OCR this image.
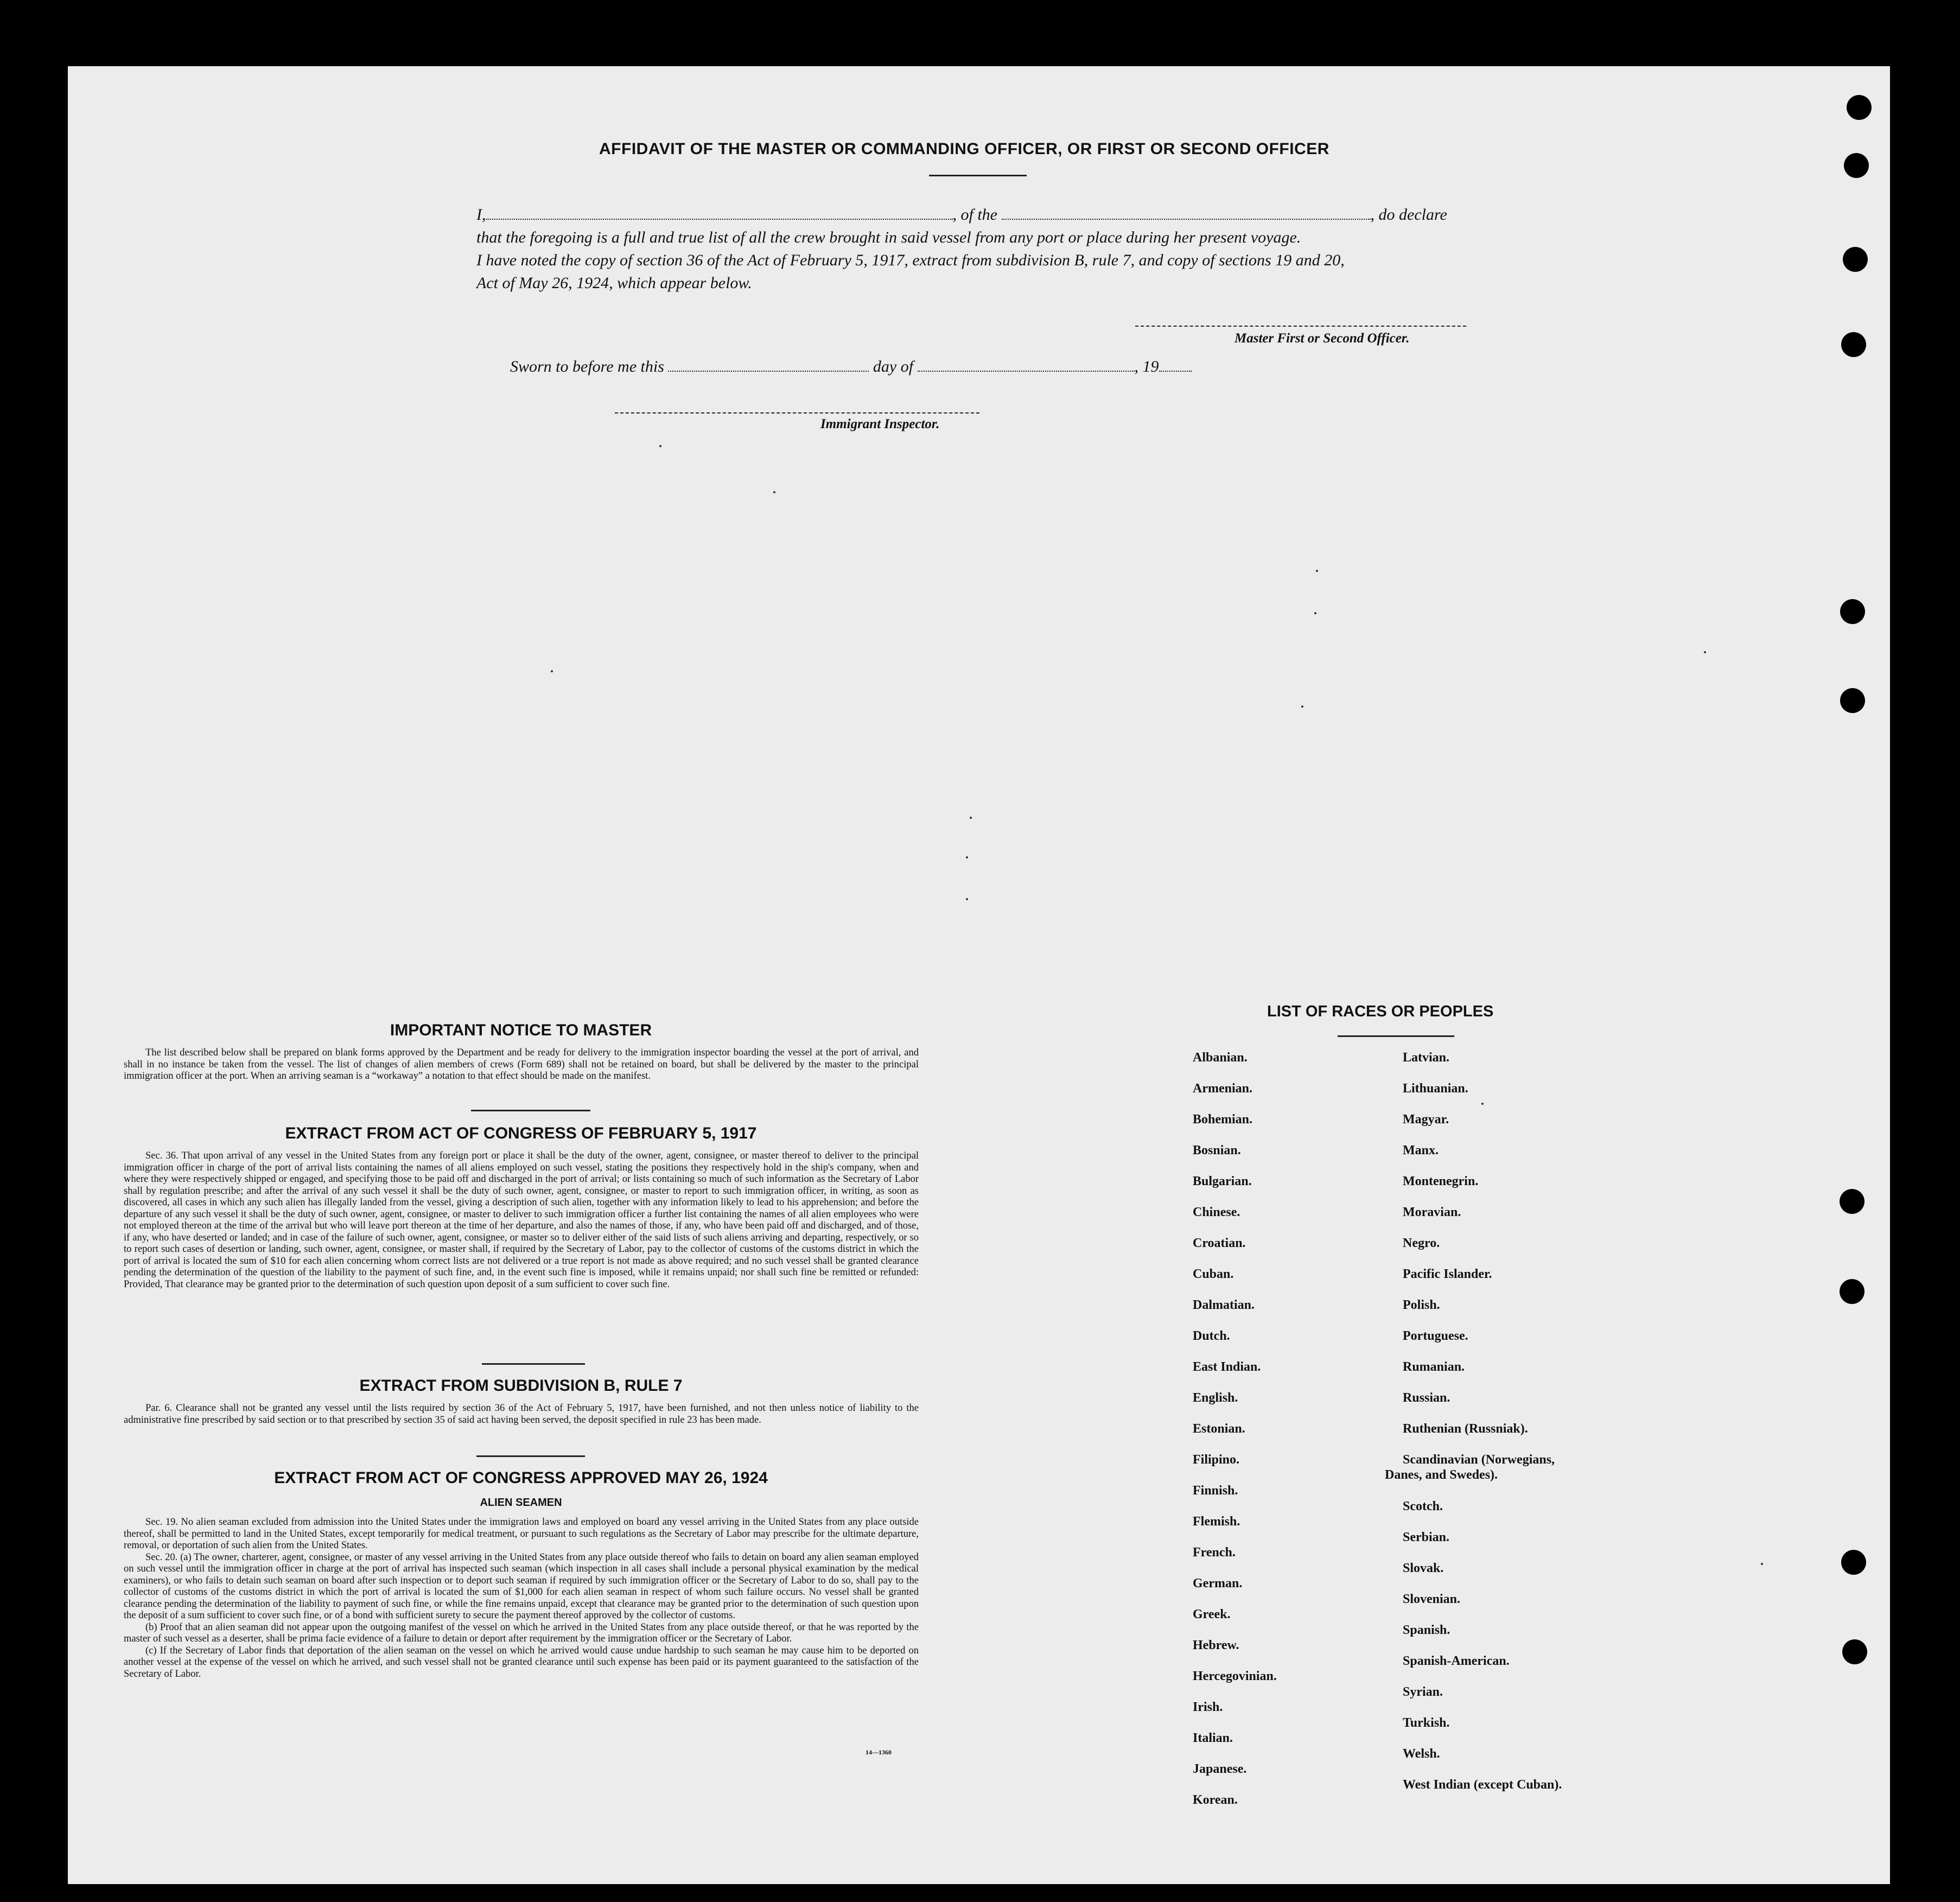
AFFIDAVIT OF THE MASTER OR COMMANDING OFFICER, OR FIRST OR SECOND OFFICER
I,	, of the	, do declare
that the foregoing is a full and true list of all the crew brought in said vessel from any port or place during her present voyage.
I have noted the copy of section 36 of the Act of February 5, 1917, extract from subdivision B, rule 7, and copy of sections 19 and 20,
Act of May 26, 1924, which appear below.
Master First or Second Officer.
Sworn to before me this	day of	, 19
Immigrant Inspector.
IMPORTANT NOTICE TO MASTER

The list described below shall be prepared on blank forms approved by the Department and be ready for delivery to the immigration inspector boarding the vessel at the port of arrival, and shall in no instance be taken from the vessel. The list of changes of alien members of crews (Form 689) shall not be retained on board, but shall be delivered by the master to the principal immigration officer at the port. When an arriving seaman is a “workaway” a notation to that effect should be made on the manifest.

EXTRACT FROM ACT OF CONGRESS OF FEBRUARY 5, 1917

Sec. 36. That upon arrival of any vessel in the United States from any foreign port or place it shall be the duty of the owner, agent, consignee, or master thereof to deliver to the principal immigration officer in charge of the port of arrival lists containing the names of all aliens employed on such vessel, stating the positions they respectively hold in the ship's company, when and where they were respectively shipped or engaged, and specifying those to be paid off and discharged in the port of arrival; or lists containing so much of such information as the Secretary of Labor shall by regulation prescribe; and after the arrival of any such vessel it shall be the duty of such owner, agent, consignee, or master to report to such immigration officer, in writing, as soon as discovered, all cases in which any such alien has illegally landed from the vessel, giving a description of such alien, together with any information likely to lead to his apprehension; and before the departure of any such vessel it shall be the duty of such owner, agent, consignee, or master to deliver to such immigration officer a further list containing the names of all alien employees who were not employed thereon at the time of the arrival but who will leave port thereon at the time of her departure, and also the names of those, if any, who have been paid off and discharged, and of those, if any, who have deserted or landed; and in case of the failure of such owner, agent, consignee, or master so to deliver either of the said lists of such aliens arriving and departing, respectively, or so to report such cases of desertion or landing, such owner, agent, consignee, or master shall, if required by the Secretary of Labor, pay to the collector of customs of the customs district in which the port of arrival is located the sum of $10 for each alien concerning whom correct lists are not delivered or a true report is not made as above required; and no such vessel shall be granted clearance pending the determination of the question of the liability to the payment of such fine, and, in the event such fine is imposed, while it remains unpaid; nor shall such fine be remitted or refunded: Provided, That clearance may be granted prior to the determination of such question upon deposit of a sum sufficient to cover such fine.

EXTRACT FROM SUBDIVISION B, RULE 7

Par. 6. Clearance shall not be granted any vessel until the lists required by section 36 of the Act of February 5, 1917, have been furnished, and not then unless notice of liability to the administrative fine prescribed by said section or to that prescribed by section 35 of said act having been served, the deposit specified in rule 23 has been made.

EXTRACT FROM ACT OF CONGRESS APPROVED MAY 26, 1924
ALIEN SEAMEN

Sec. 19. No alien seaman excluded from admission into the United States under the immigration laws and employed on board any vessel arriving in the United States from any place outside thereof, shall be permitted to land in the United States, except temporarily for medical treatment, or pursuant to such regulations as the Secretary of Labor may prescribe for the ultimate departure, removal, or deportation of such alien from the United States.

Sec. 20. (a) The owner, charterer, agent, consignee, or master of any vessel arriving in the United States from any place outside thereof who fails to detain on board any alien seaman employed on such vessel until the immigration officer in charge at the port of arrival has inspected such seaman (which inspection in all cases shall include a personal physical examination by the medical examiners), or who fails to detain such seaman on board after such inspection or to deport such seaman if required by such immigration officer or the Secretary of Labor to do so, shall pay to the collector of customs of the customs district in which the port of arrival is located the sum of $1,000 for each alien seaman in respect of whom such failure occurs. No vessel shall be granted clearance pending the determination of the liability to payment of such fine, or while the fine remains unpaid, except that clearance may be granted prior to the determination of such question upon the deposit of a sum sufficient to cover such fine, or of a bond with sufficient surety to secure the payment thereof approved by the collector of customs.

(b) Proof that an alien seaman did not appear upon the outgoing manifest of the vessel on which he arrived in the United States from any place outside thereof, or that he was reported by the master of such vessel as a deserter, shall be prima facie evidence of a failure to detain or deport after requirement by the immigration officer or the Secretary of Labor.

(c) If the Secretary of Labor finds that deportation of the alien seaman on the vessel on which he arrived would cause undue hardship to such seaman he may cause him to be deported on another vessel at the expense of the vessel on which he arrived, and such vessel shall not be granted clearance until such expense has been paid or its payment guaranteed to the satisfaction of the Secretary of Labor.

14—1360
LIST OF RACES OR PEOPLES
Albanian.
Armenian.
Bohemian.
Bosnian.
Bulgarian.
Chinese.
Croatian.
Cuban.
Dalmatian.
Dutch.
East Indian.
English.
Estonian.
Filipino.
Finnish.
Flemish.
French.
German.
Greek.
Hebrew.
Hercegovinian.
Irish.
Italian.
Japanese.
Korean.
Latvian.
Lithuanian.
Magyar.
Manx.
Montenegrin.
Moravian.
Negro.
Pacific Islander.
Polish.
Portuguese.
Rumanian.
Russian.
Ruthenian (Russniak).
Scandinavian (Norwegians,
Danes, and Swedes).
Scotch.
Serbian.
Slovak.
Slovenian.
Spanish.
Spanish-American.
Syrian.
Turkish.
Welsh.
West Indian (except Cuban).
